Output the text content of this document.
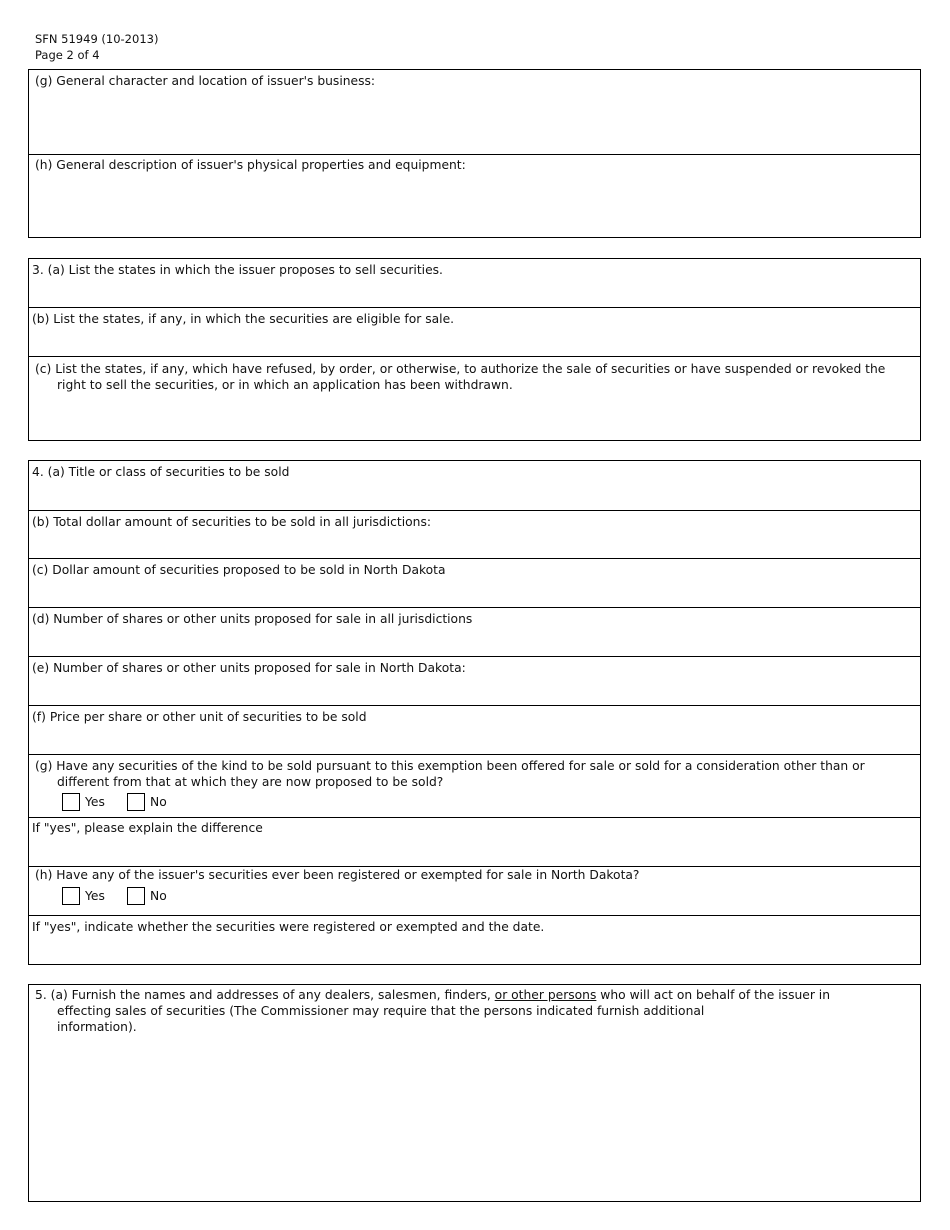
SFN 51949 (10-2013)
Page 2 of 4
(g) General character and location of issuer's business:
(h) General description of issuer's physical properties and equipment:
3. (a) List the states in which the issuer proposes to sell securities.
(b) List the states, if any, in which the securities are eligible for sale.
(c) List the states, if any, which have refused, by order, or otherwise, to authorize the sale of securities or have suspended or revoked the
right to sell the securities, or in which an application has been withdrawn.
4. (a) Title or class of securities to be sold
(b) Total dollar amount of securities to be sold in all jurisdictions:
(c) Dollar amount of securities proposed to be sold in North Dakota
(d) Number of shares or other units proposed for sale in all jurisdictions
(e) Number of shares or other units proposed for sale in North Dakota:
(f) Price per share or other unit of securities to be sold
(g) Have any securities of the kind to be sold pursuant to this exemption been offered for sale or sold for a consideration other than or
different from that at which they are now proposed to be sold?
Yes	No
If "yes", please explain the difference
(h) Have any of the issuer's securities ever been registered or exempted for sale in North Dakota?
Yes	No
If "yes", indicate whether the securities were registered or exempted and the date.
5. (a) Furnish the names and addresses of any dealers, salesmen, finders, or other persons who will act on behalf of the issuer in
effecting sales of securities (The Commissioner may require that the persons indicated furnish additional
information).
